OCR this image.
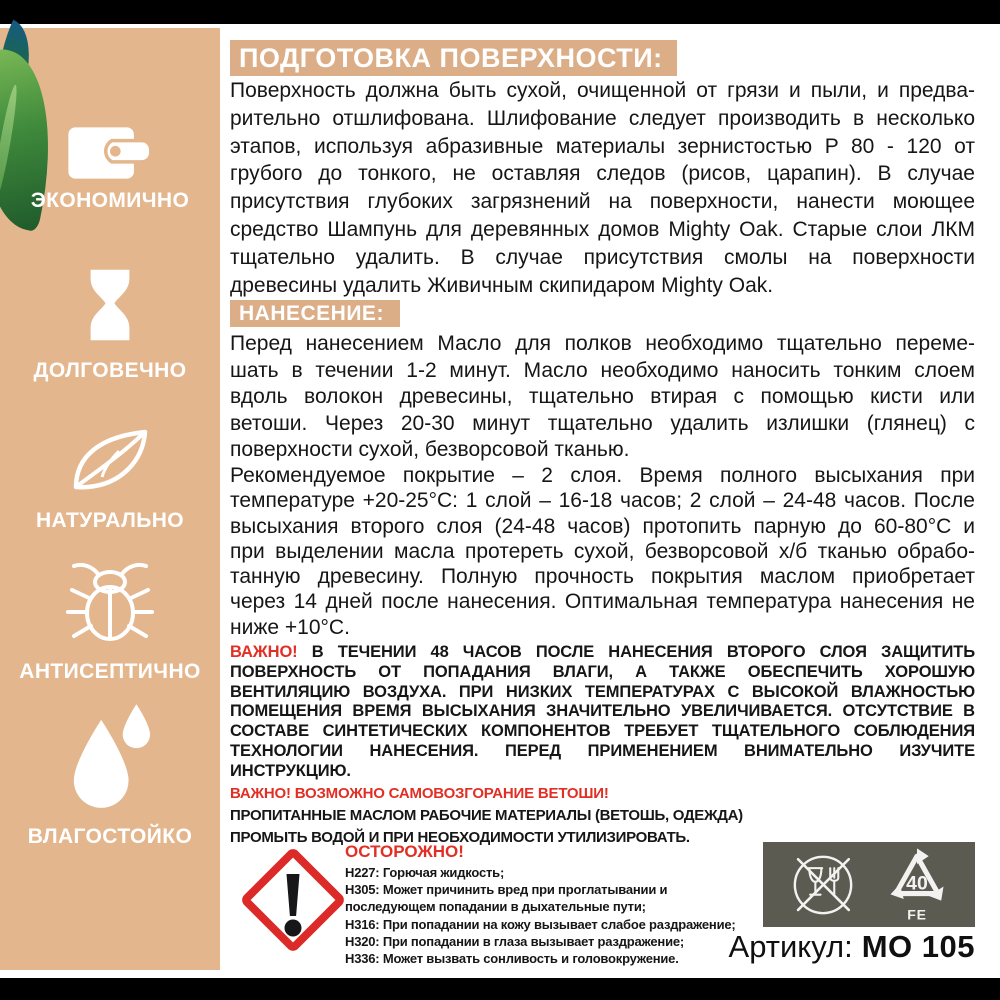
ЭКОНОМИЧНО
ДОЛГОВЕЧНО
НАТУРАЛЬНО
АНТИСЕПТИЧНО
ВЛАГОСТОЙКО
ПОДГОТОВКА ПОВЕРХНОСТИ:
Поверхность должна быть сухой, очищенной от грязи и пыли, и предва-
рительно отшлифована. Шлифование следует производить в несколько
этапов, используя абразивные материалы зернистостью P 80 - 120 от
грубого до тонкого, не оставляя следов (рисов, царапин). В случае
присутствия глубоких загрязнений на поверхности, нанести моющее
средство Шампунь для деревянных домов Mighty Oak. Старые слои ЛКМ
тщательно удалить. В случае присутствия смолы на поверхности
древесины удалить Живичным скипидаром Mighty Oak.
НАНЕСЕНИЕ:
Перед нанесением Масло для полков необходимо тщательно переме-
шать в течении 1-2 минут. Масло необходимо наносить тонким слоем
вдоль волокон древесины, тщательно втирая с помощью кисти или
ветоши. Через 20-30 минут тщательно удалить излишки (глянец) с
поверхности сухой, безворсовой тканью.
Рекомендуемое покрытие – 2 слоя. Время полного высыхания при
температуре +20-25°C: 1 слой – 16-18 часов; 2 слой – 24-48 часов. После
высыхания второго слоя (24-48 часов) протопить парную до 60-80°C и
при выделении масла протереть сухой, безворсовой х/б тканью обрабо-
танную древесину. Полную прочность покрытия маслом приобретает
через 14 дней после нанесения. Оптимальная температура нанесения не
ниже +10°C.
ВАЖНО! В ТЕЧЕНИИ 48 ЧАСОВ ПОСЛЕ НАНЕСЕНИЯ ВТОРОГО СЛОЯ ЗАЩИТИТЬ
ПОВЕРХНОСТЬ ОТ ПОПАДАНИЯ ВЛАГИ, А ТАКЖЕ ОБЕСПЕЧИТЬ ХОРОШУЮ
ВЕНТИЛЯЦИЮ ВОЗДУХА. ПРИ НИЗКИХ ТЕМПЕРАТУРАХ С ВЫСОКОЙ ВЛАЖНОСТЬЮ
ПОМЕЩЕНИЯ ВРЕМЯ ВЫСЫХАНИЯ ЗНАЧИТЕЛЬНО УВЕЛИЧИВАЕТСЯ. ОТСУТСТВИЕ В
СОСТАВЕ СИНТЕТИЧЕСКИХ КОМПОНЕНТОВ ТРЕБУЕТ ТЩАТЕЛЬНОГО СОБЛЮДЕНИЯ
ТЕХНОЛОГИИ НАНЕСЕНИЯ. ПЕРЕД ПРИМЕНЕНИЕМ ВНИМАТЕЛЬНО ИЗУЧИТЕ
ИНСТРУКЦИЮ.
ВАЖНО! ВОЗМОЖНО САМОВОЗГОРАНИЕ ВЕТОШИ!
ПРОПИТАННЫЕ МАСЛОМ РАБОЧИЕ МАТЕРИАЛЫ (ВЕТОШЬ, ОДЕЖДА)
ПРОМЫТЬ ВОДОЙ И ПРИ НЕОБХОДИМОСТИ УТИЛИЗИРОВАТЬ.
ОСТОРОЖНО!
H227: Горючая жидкость;
H305: Может причинить вред при проглатывании и
последующем попадании в дыхательные пути;
H316: При попадании на кожу вызывает слабое раздражение;
H320: При попадании в глаза вызывает раздражение;
H336: Может вызвать сонливость и головокружение.
40
FE
Артикул: МО 105
